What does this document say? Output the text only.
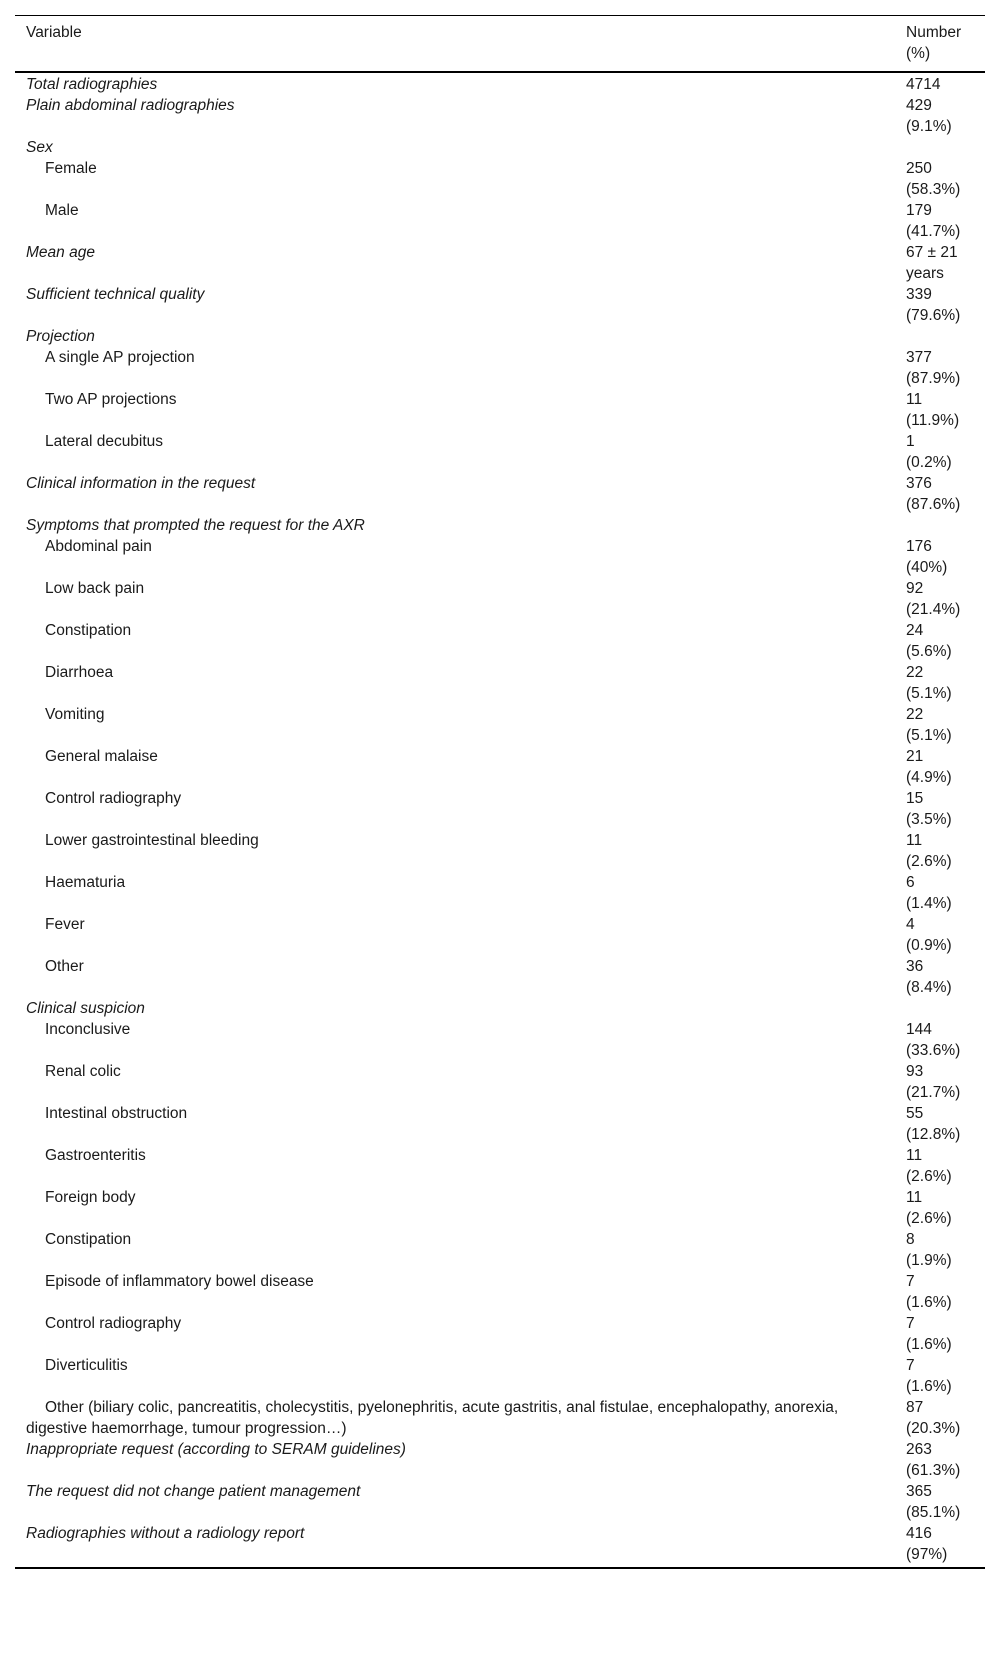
Variable	Number
(%)
Total radiographies	4714
Plain abdominal radiographies	429
(9.1%)
Sex	
Female	250
(58.3%)
Male	179
(41.7%)
Mean age	67 ± 21
years
Sufficient technical quality	339
(79.6%)
Projection	
A single AP projection	377
(87.9%)
Two AP projections	11
(11.9%)
Lateral decubitus	1
(0.2%)
Clinical information in the request	376
(87.6%)
Symptoms that prompted the request for the AXR	
Abdominal pain	176
(40%)
Low back pain	92
(21.4%)
Constipation	24
(5.6%)
Diarrhoea	22
(5.1%)
Vomiting	22
(5.1%)
General malaise	21
(4.9%)
Control radiography	15
(3.5%)
Lower gastrointestinal bleeding	11
(2.6%)
Haematuria	6
(1.4%)
Fever	4
(0.9%)
Other	36
(8.4%)
Clinical suspicion	
Inconclusive	144
(33.6%)
Renal colic	93
(21.7%)
Intestinal obstruction	55
(12.8%)
Gastroenteritis	11
(2.6%)
Foreign body	11
(2.6%)
Constipation	8
(1.9%)
Episode of inflammatory bowel disease	7
(1.6%)
Control radiography	7
(1.6%)
Diverticulitis	7
(1.6%)
Other (biliary colic, pancreatitis, cholecystitis, pyelonephritis, acute gastritis, anal fistulae, encephalopathy, anorexia, digestive haemorrhage, tumour progression…)	87
(20.3%)
Inappropriate request (according to SERAM guidelines)	263
(61.3%)
The request did not change patient management	365
(85.1%)
Radiographies without a radiology report	416
(97%)
